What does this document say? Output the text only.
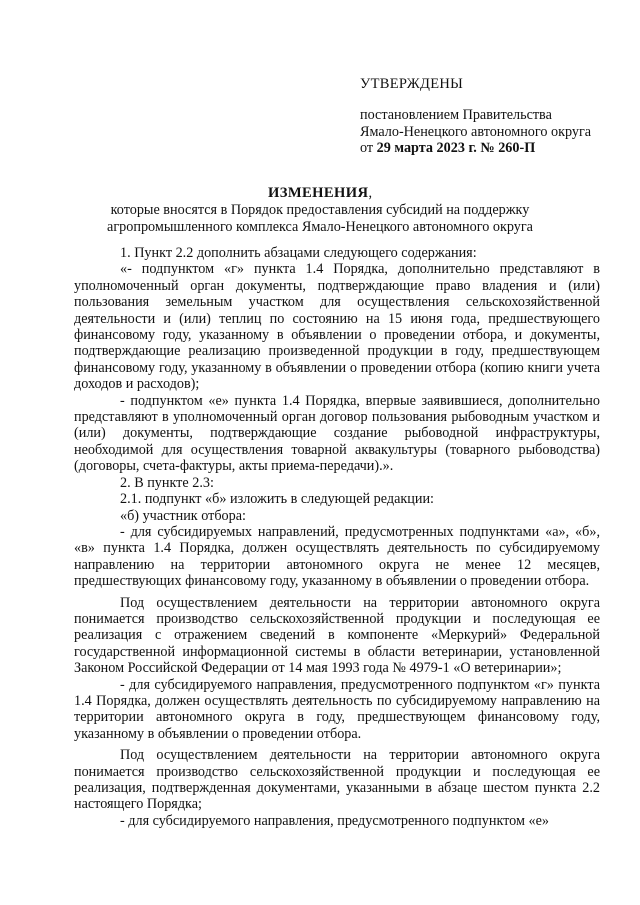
УТВЕРЖДЕНЫ
постановлением Правительства
Ямало-Ненецкого автономного округа
от 29 марта 2023 г. № 260-П
ИЗМЕНЕНИЯ,
которые вносятся в Порядок предоставления субсидий на поддержку
агропромышленного комплекса Ямало-Ненецкого автономного округа

1. Пункт 2.2 дополнить абзацами следующего содержания:

«- подпунктом «г» пункта 1.4 Порядка, дополнительно представляют в уполномоченный орган документы, подтверждающие право владения и (или) пользования земельным участком для осуществления сельскохозяйственной деятельности и (или) теплиц по состоянию на 15 июня года, предшествующего финансовому году, указанному в объявлении о проведении отбора, и документы, подтверждающие реализацию произведенной продукции в году, предшествующем финансовому году, указанному в объявлении о проведении отбора (копию книги учета доходов и расходов);

- подпунктом «е» пункта 1.4 Порядка, впервые заявившиеся, дополнительно представляют в уполномоченный орган договор пользования рыбоводным участком и (или) документы, подтверждающие создание рыбоводной инфраструктуры, необходимой для осуществления товарной аквакультуры (товарного рыбоводства) (договоры, счета-фактуры, акты приема-передачи).».

2. В пункте 2.3:

2.1. подпункт «б» изложить в следующей редакции:

«б) участник отбора:

- для субсидируемых направлений, предусмотренных подпунктами «а», «б», «в» пункта 1.4 Порядка, должен осуществлять деятельность по субсидируемому направлению на территории автономного округа не менее 12 месяцев, предшествующих финансовому году, указанному в объявлении о проведении отбора.

Под осуществлением деятельности на территории автономного округа понимается производство сельскохозяйственной продукции и последующая ее реализация с отражением сведений в компоненте «Меркурий» Федеральной государственной информационной системы в области ветеринарии, установленной Законом Российской Федерации от 14 мая 1993 года № 4979-1 «О ветеринарии»;

- для субсидируемого направления, предусмотренного подпунктом «г» пункта 1.4 Порядка, должен осуществлять деятельность по субсидируемому направлению на территории автономного округа в году, предшествующем финансовому году, указанному в объявлении о проведении отбора.

Под осуществлением деятельности на территории автономного округа понимается производство сельскохозяйственной продукции и последующая ее реализация, подтвержденная документами, указанными в абзаце шестом пункта 2.2 настоящего Порядка;

- для субсидируемого направления, предусмотренного подпунктом «е»
